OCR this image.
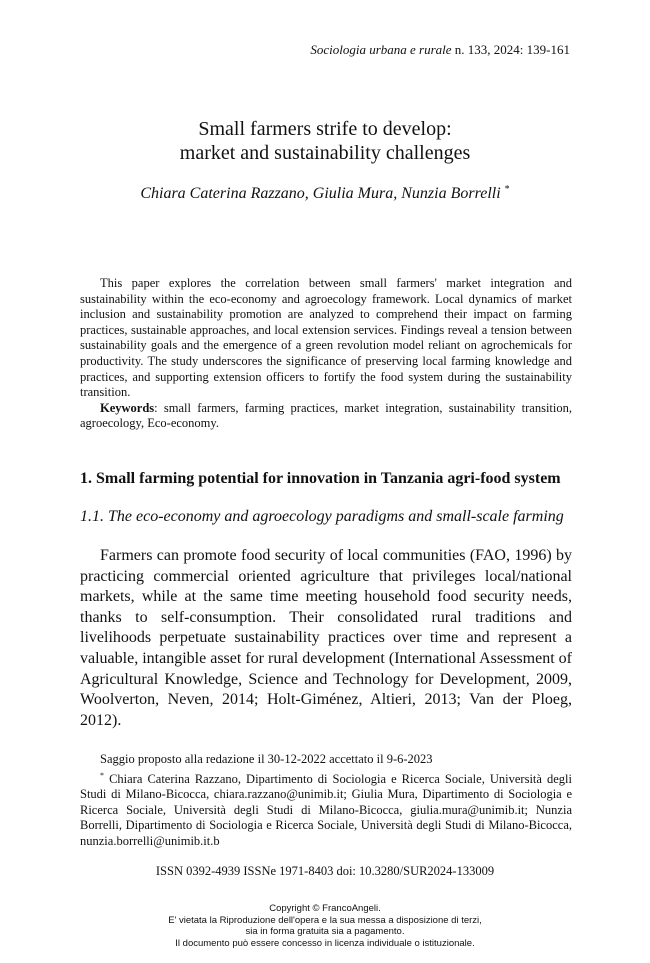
Sociologia urbana e rurale n. 133, 2024: 139-161
Small farmers strife to develop:
market and sustainability challenges
Chiara Caterina Razzano, Giulia Mura, Nunzia Borrelli *

This paper explores the correlation between small farmers' market integration and sustainability within the eco-economy and agroecology framework. Local dynamics of market inclusion and sustainability promotion are analyzed to comprehend their impact on farming practices, sustainable approaches, and local extension services. Findings reveal a tension between sustainability goals and the emergence of a green revolution model reliant on agrochemicals for productivity. The study underscores the significance of preserving local farming knowledge and practices, and supporting extension officers to fortify the food system during the sustainability transition.

Keywords: small farmers, farming practices, market integration, sustainability transition, agroecology, Eco-economy.

1. Small farming potential for innovation in Tanzania agri-food system
1.1. The eco-economy and agroecology paradigms and small-scale farming

Farmers can promote food security of local communities (FAO, 1996) by practicing commercial oriented agriculture that privileges local/national markets, while at the same time meeting household food security needs, thanks to self-consumption. Their consolidated rural traditions and livelihoods perpetuate sustainability practices over time and represent a valuable, intangible asset for rural development (International Assessment of Agricultural Knowledge, Science and Technology for Development, 2009, Woolverton, Neven, 2014; Holt-Giménez, Altieri, 2013; Van der Ploeg, 2012).

Saggio proposto alla redazione il 30-12-2022 accettato il 9-6-2023

* Chiara Caterina Razzano, Dipartimento di Sociologia e Ricerca Sociale, Università degli Studi di Milano-Bicocca, chiara.razzano@unimib.it; Giulia Mura, Dipartimento di Sociologia e Ricerca Sociale, Università degli Studi di Milano-Bicocca, giulia.mura@unimib.it; Nunzia Borrelli, Dipartimento di Sociologia e Ricerca Sociale, Università degli Studi di Milano-Bicocca, nunzia.borrelli@unimib.it.b

ISSN 0392-4939 ISSNe 1971-8403 doi: 10.3280/SUR2024-133009
Copyright © FrancoAngeli.
E' vietata la Riproduzione dell'opera e la sua messa a disposizione di terzi,
sia in forma gratuita sia a pagamento.
Il documento può essere concesso in licenza individuale o istituzionale.
